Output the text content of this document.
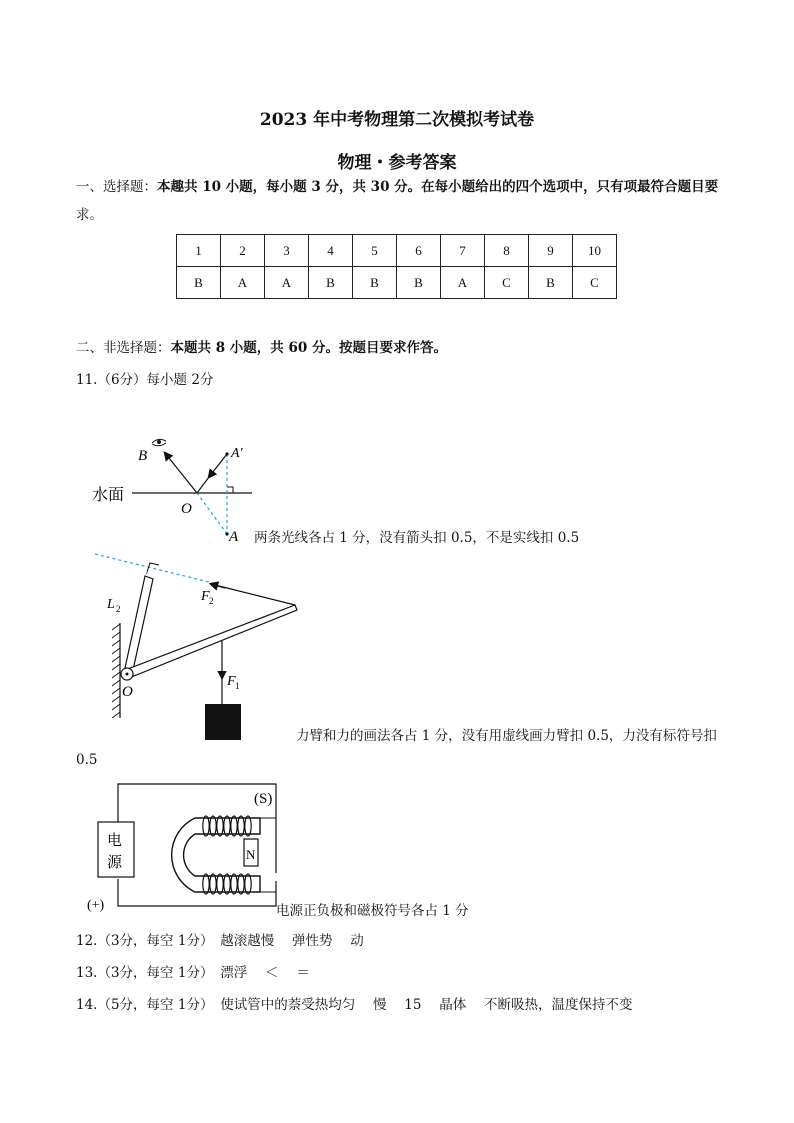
2023 年中考物理第二次模拟考试卷
物理・参考答案
一、选择题：本趣共 10 小题，每小题 3 分，共 30 分。在每小题给出的四个选项中，只有项最符合题目要
求。
1	2	3	4	5	6	7	8	9	10
B	A	A	B	B	B	A	C	B	C
二、非选择题：本题共 8 小题，共 60 分。按题目要求作答。
11.（6分）每小题 2分
B	A′
水面
O
A 两条光线各占 1 分，没有箭头扣 0.5，不是实线扣 0.5
L 2
F 2
F 1
O
力臂和力的画法各占 1 分，没有用虚线画力臂扣 0.5，力没有标符号扣
0.5
电
源
N
(S)
(+)	电源正负极和磁极符号各占 1 分
12.（3分，每空 1分）　 越滚越慢　 弹性势　 动
13.（3分，每空 1分）　 漂浮　 ＜　 ＝
14.（5分，每空 1分）　 使试管中的萘受热均匀　 慢　 15　 晶体　 不断吸热，温度保持不变
